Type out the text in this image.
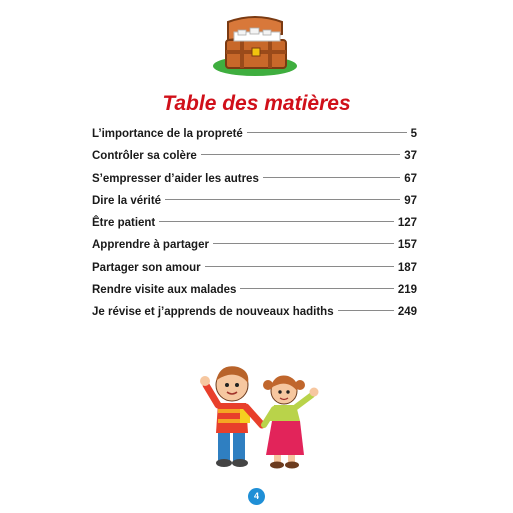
Table des matières
L’importance de la propreté	5
Contrôler sa colère	37
S’empresser d’aider les autres	67
Dire la vérité	97
Être patient	127
Apprendre à partager	157
Partager son amour	187
Rendre visite aux malades	219
Je révise et j’apprends de nouveaux hadiths	249
4
